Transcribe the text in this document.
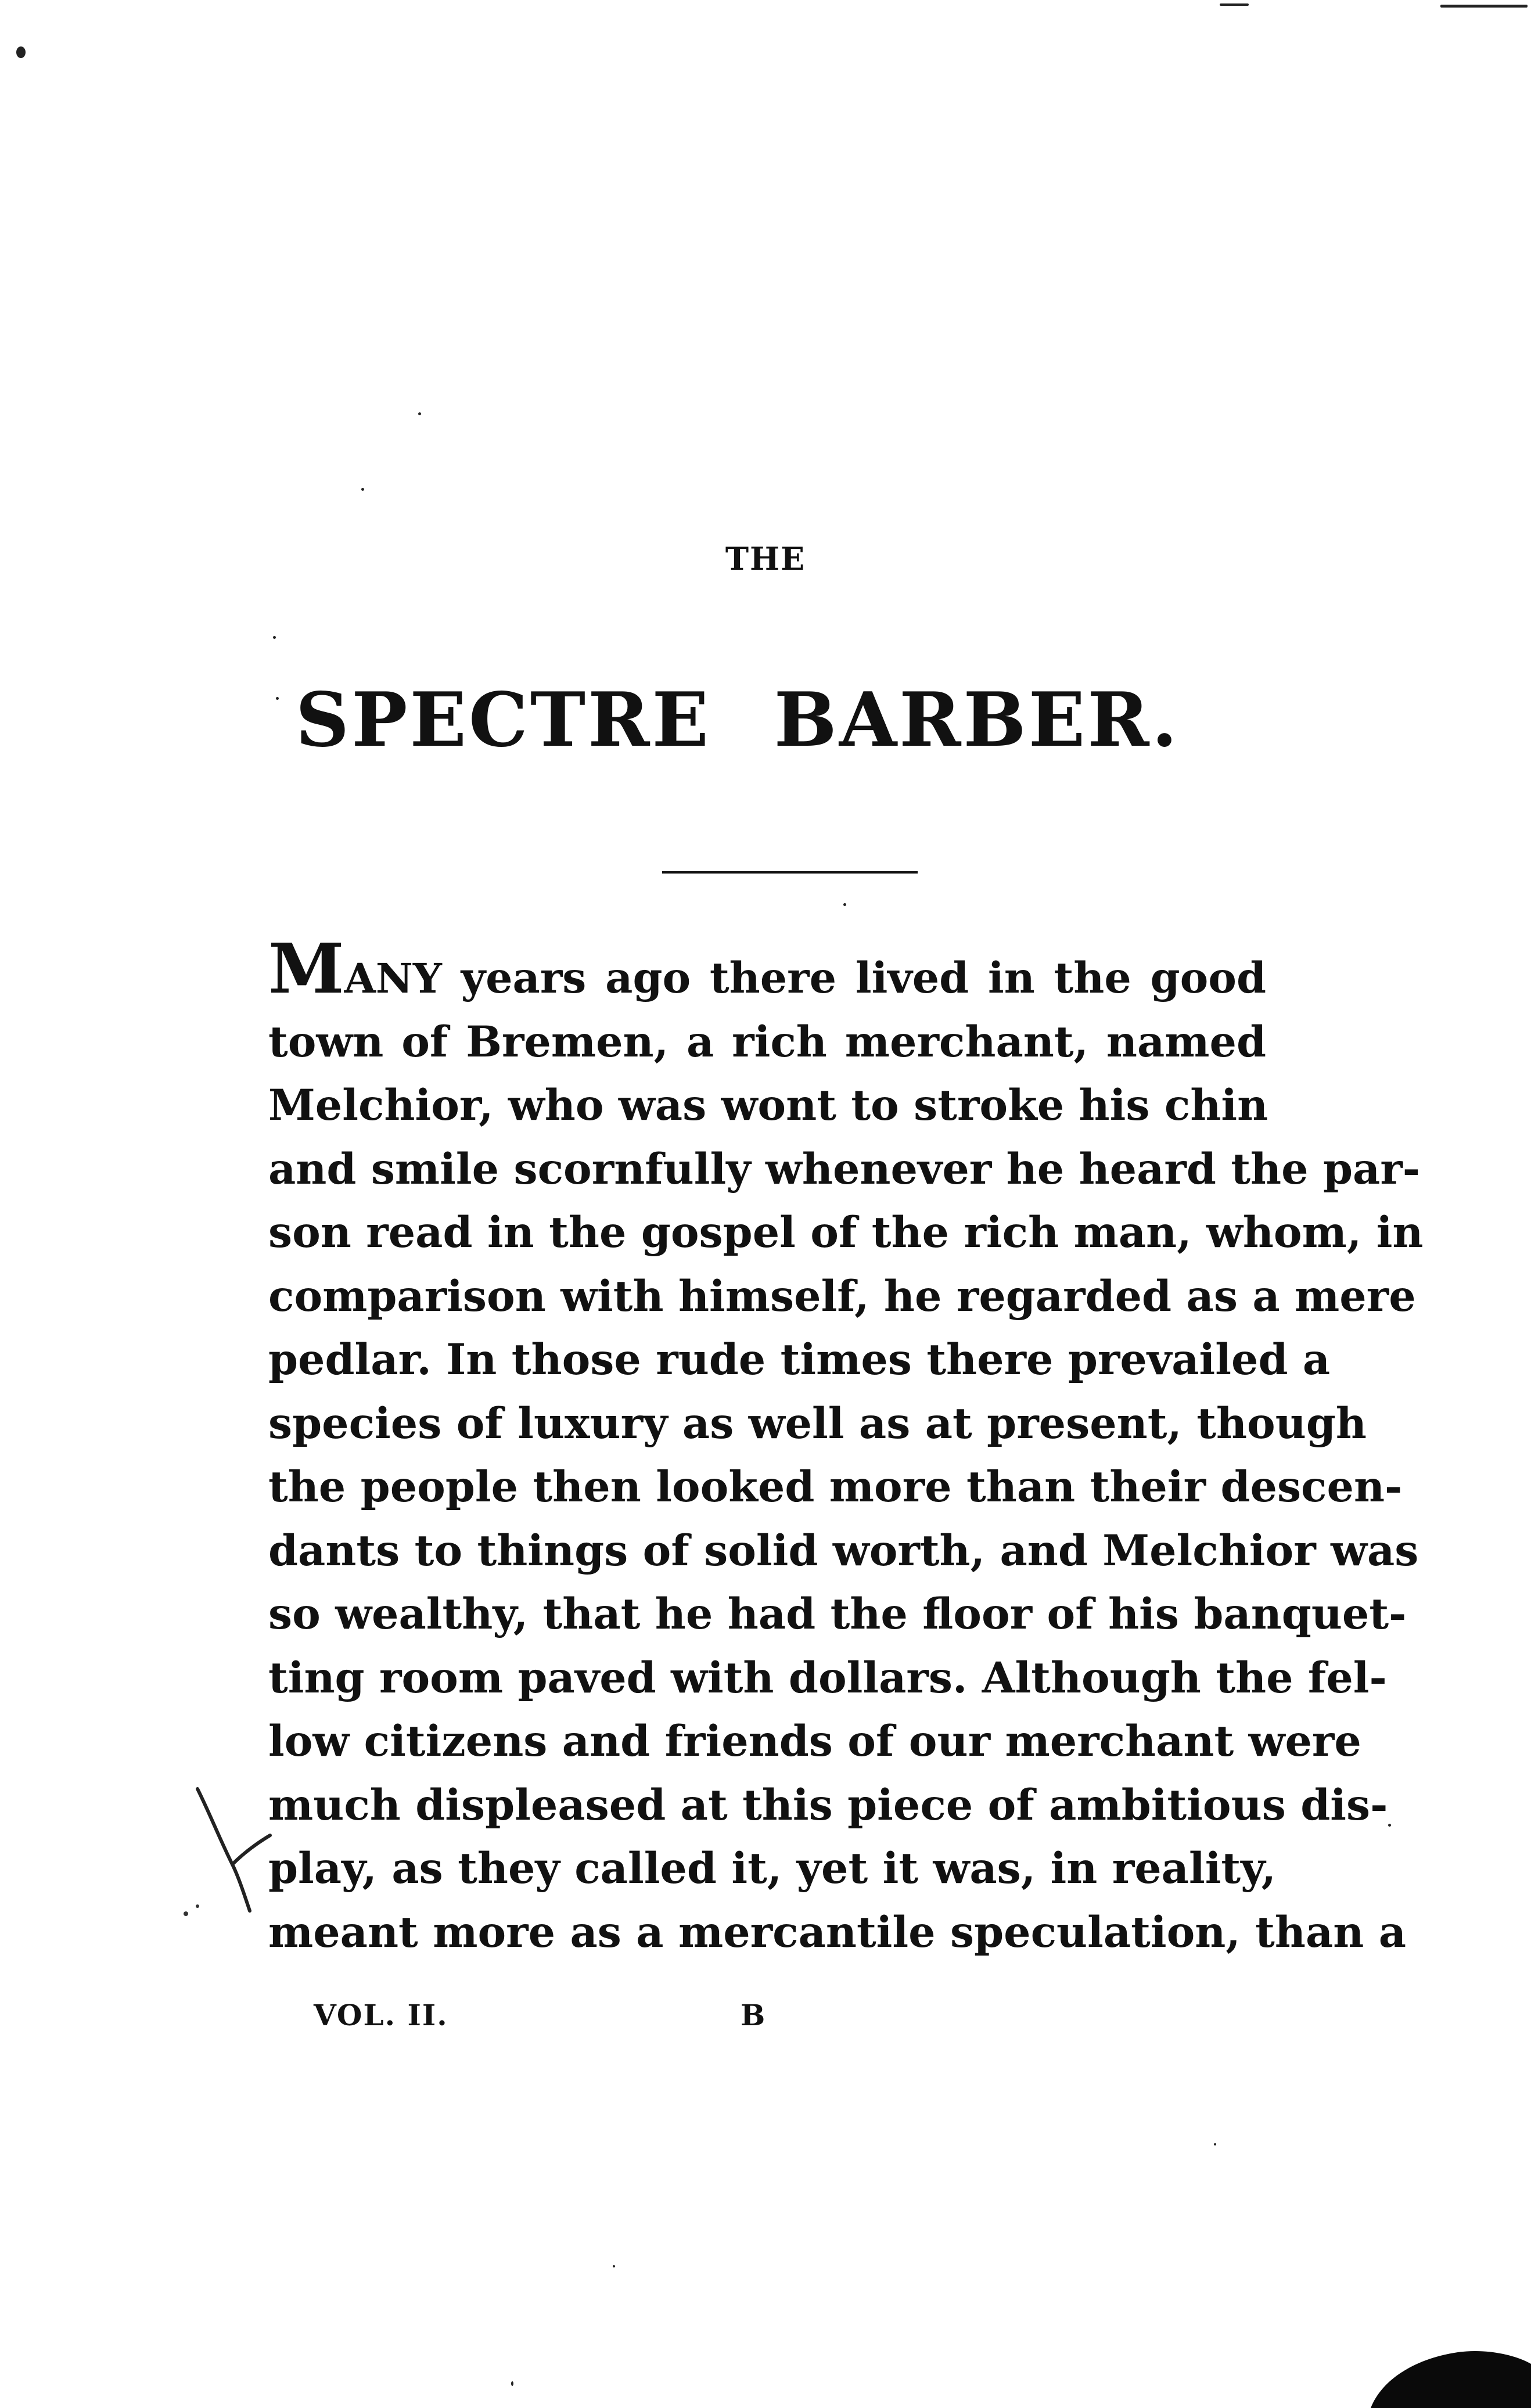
THE
SPECTRE BARBER.
MANY years ago there lived in the good
town of Bremen, a rich merchant, named
Melchior, who was wont to stroke his chin
and smile scornfully whenever he heard the par-
son read in the gospel of the rich man, whom, in
comparison with himself, he regarded as a mere
pedlar. In those rude times there prevailed a
species of luxury as well as at present, though
the people then looked more than their descen-
dants to things of solid worth, and Melchior was
so wealthy, that he had the floor of his banquet-
ting room paved with dollars. Although the fel-
low citizens and friends of our merchant were
much displeased at this piece of ambitious dis-
play, as they called it, yet it was, in reality,
meant more as a mercantile speculation, than a
VOL. II.	B
